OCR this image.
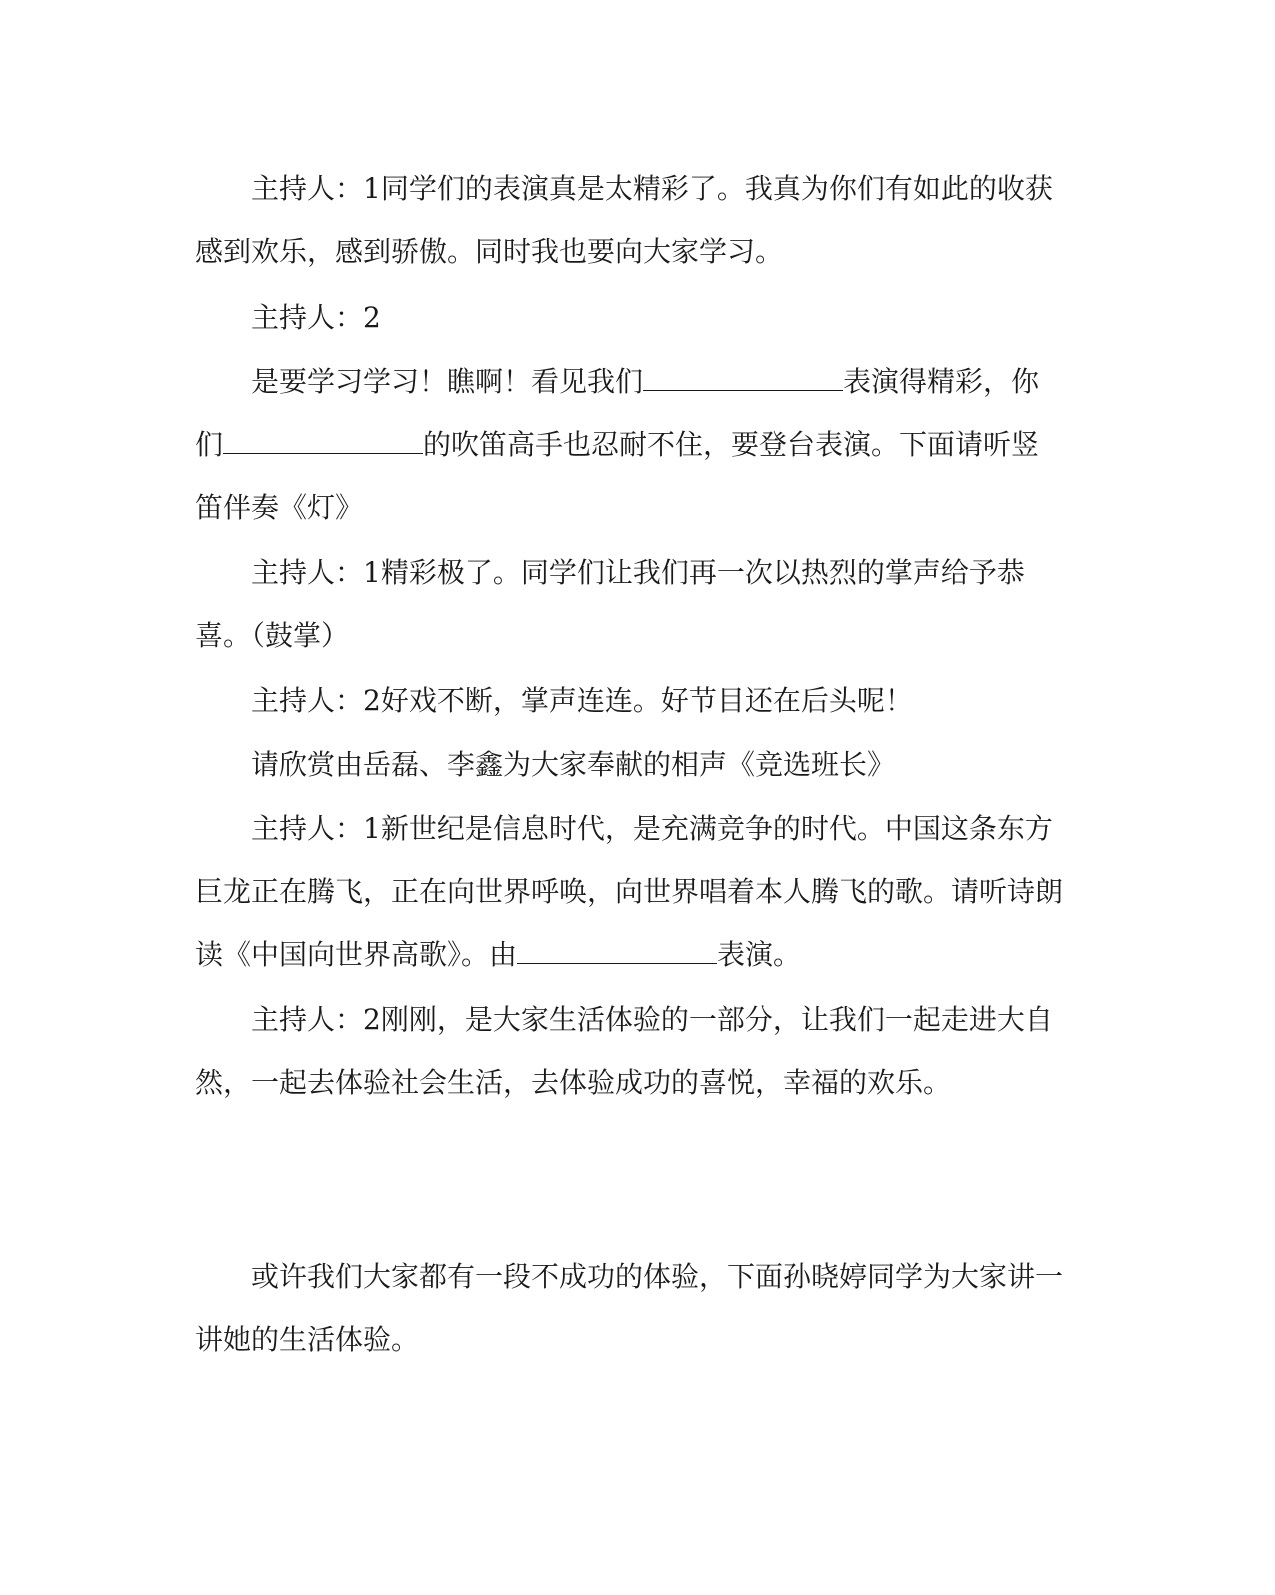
主持人：1同学们的表演真是太精彩了。我真为你们有如此的收获感到欢乐，感到骄傲。同时我也要向大家学习。
主持人：2
是要学习学习！瞧啊！看见我们	表演得精彩，你们	的吹笛高手也忍耐不住，要登台表演。下面请听竖笛伴奏《灯》
主持人：1精彩极了。同学们让我们再一次以热烈的掌声给予恭喜。（鼓掌）
主持人：2好戏不断，掌声连连。好节目还在后头呢！
请欣赏由岳磊、李鑫为大家奉献的相声《竞选班长》
主持人：1新世纪是信息时代，是充满竞争的时代。中国这条东方巨龙正在腾飞，正在向世界呼唤，向世界唱着本人腾飞的歌。请听诗朗读《中国向世界高歌》。由	表演。
主持人：2刚刚，是大家生活体验的一部分，让我们一起走进大自然，一起去体验社会生活，去体验成功的喜悦，幸福的欢乐。
或许我们大家都有一段不成功的体验，下面孙晓婷同学为大家讲一讲她的生活体验。
